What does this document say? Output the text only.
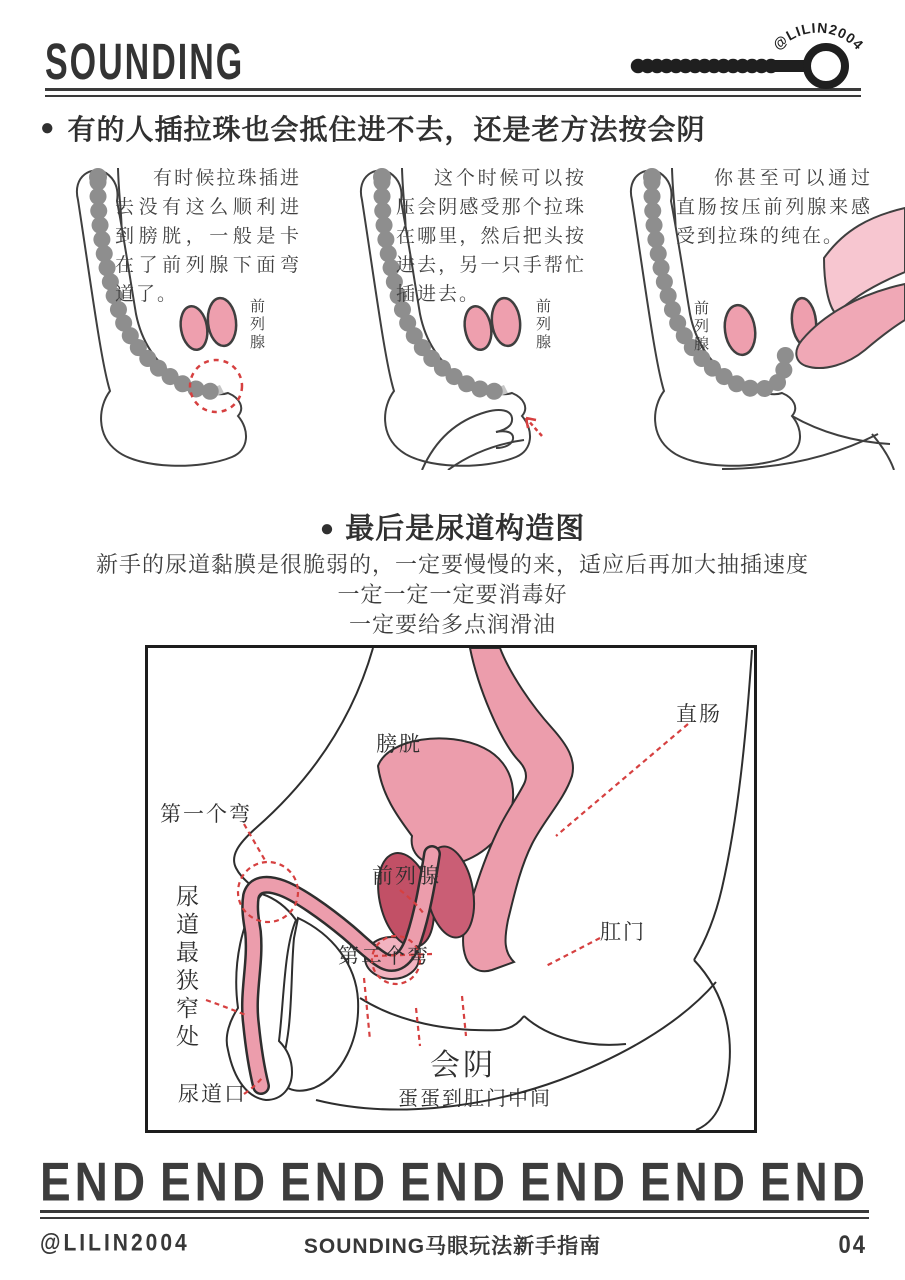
SOUNDING	@LILIN2004
● 有的人插拉珠也会抵住进不去，还是老方法按会阴
有时候拉珠插进去没有这么顺利进到膀胱，一般是卡在了前列腺下面弯道了。
前列腺
这个时候可以按压会阴感受那个拉珠在哪里，然后把头按进去，另一只手帮忙插进去。
前列腺
你甚至可以通过直肠按压前列腺来感受到拉珠的纯在。
前列腺
● 最后是尿道构造图
新手的尿道黏膜是很脆弱的，一定要慢慢的来，适应后再加大抽插速度
一定一定一定要消毒好
一定要给多点润滑油
膀胱
直肠
第一个弯
前列腺
第二个弯
肛门
尿道最狭窄处
尿道口
会阴
蛋蛋到肛门中间
END END END END END END END
@LILIN2004	SOUNDING马眼玩法新手指南	04
